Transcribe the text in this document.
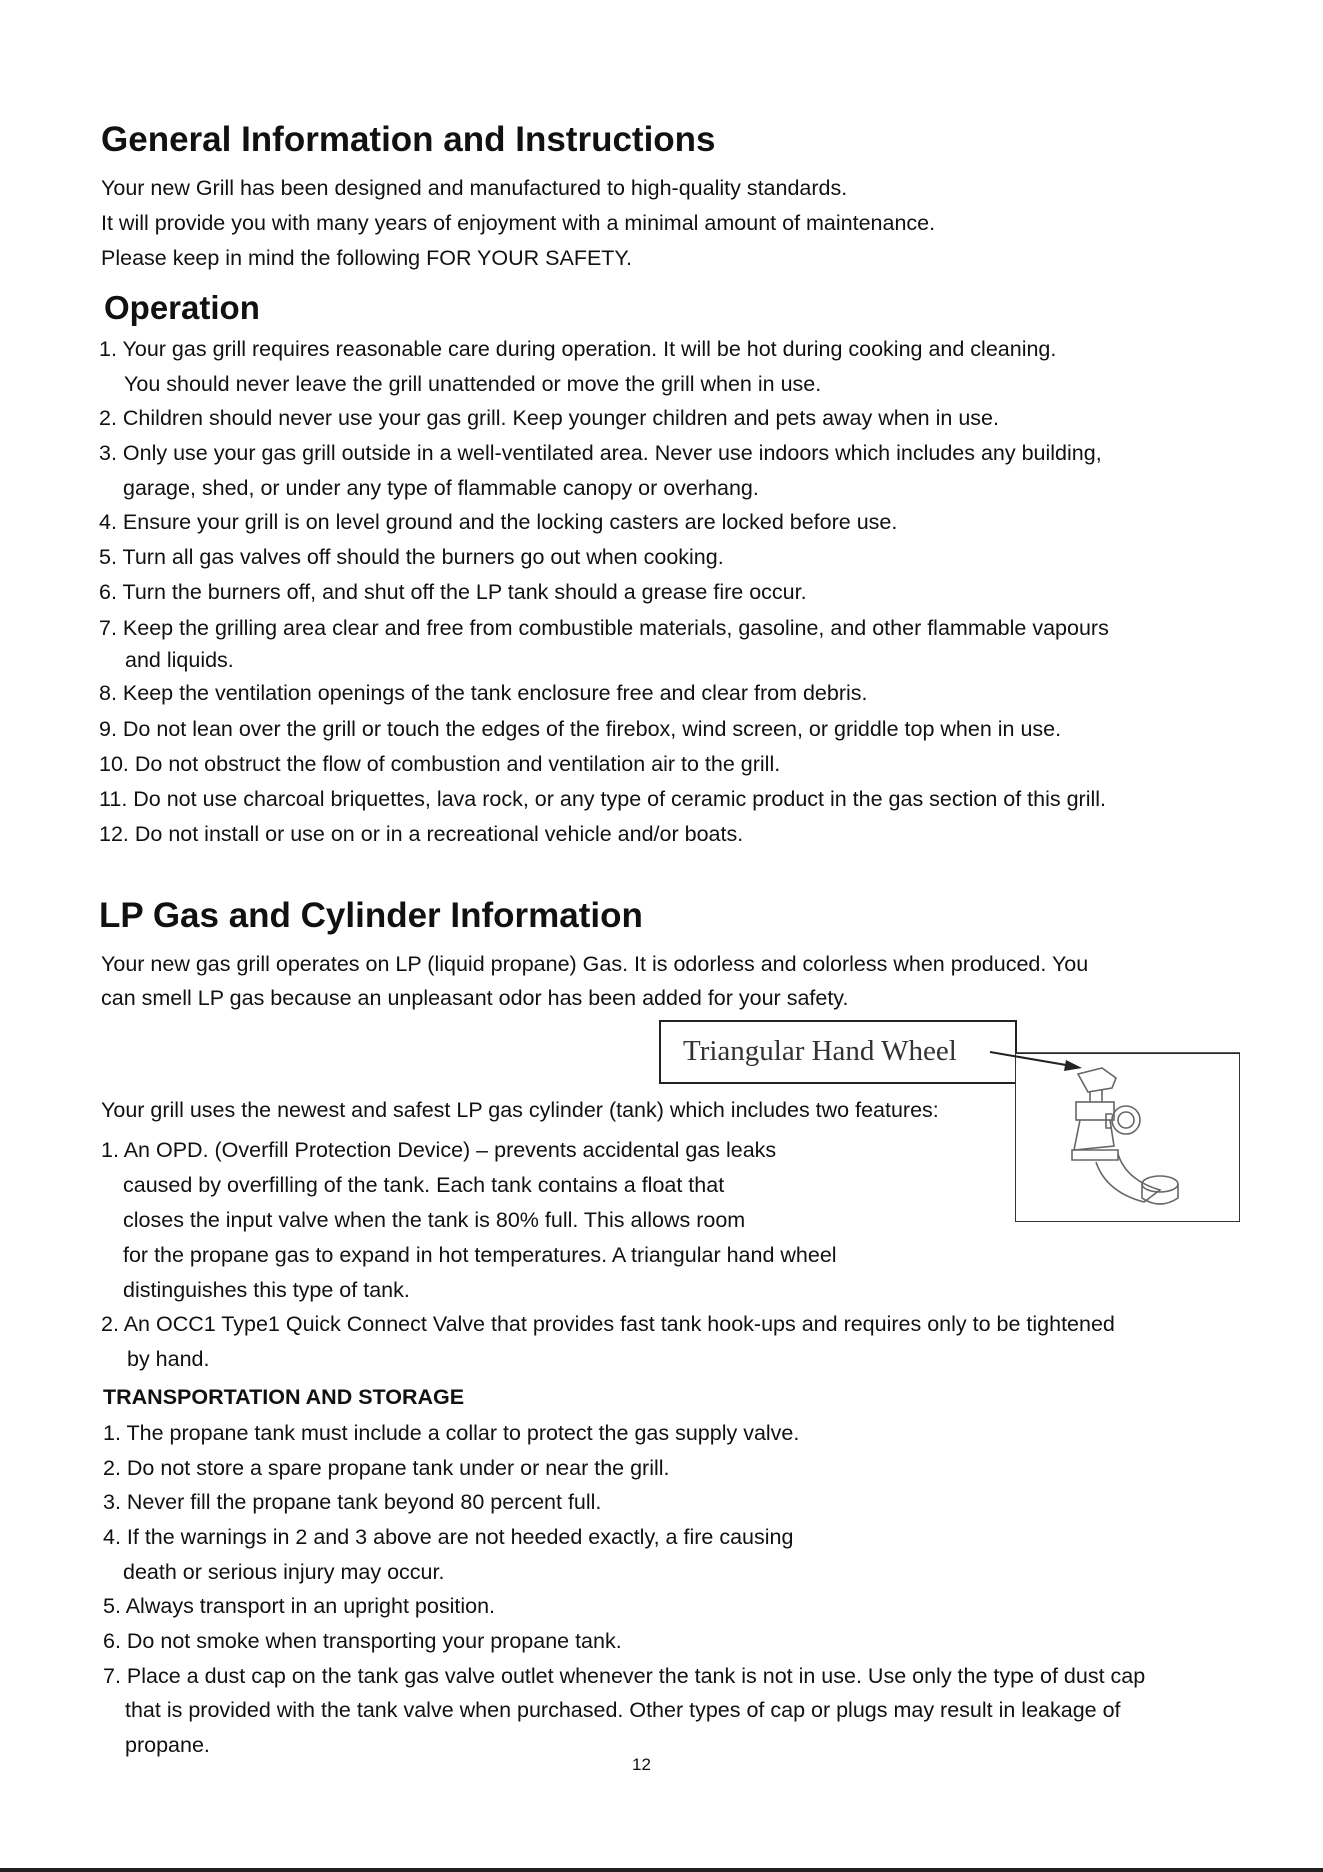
General Information and Instructions

Your new Grill has been designed and manufactured to high-quality standards.

It will provide you with many years of enjoyment with a minimal amount of maintenance.

Please keep in mind the following FOR YOUR SAFETY.

Operation

1. Your gas grill requires reasonable care during operation. It will be hot during cooking and cleaning.

You should never leave the grill unattended or move the grill when in use.

2. Children should never use your gas grill. Keep younger children and pets away when in use.

3. Only use your gas grill outside in a well-ventilated area. Never use indoors which includes any building,

garage, shed, or under any type of flammable canopy or overhang.

4. Ensure your grill is on level ground and the locking casters are locked before use.

5. Turn all gas valves off should the burners go out when cooking.

6. Turn the burners off, and shut off the LP tank should a grease fire occur.

7. Keep the grilling area clear and free from combustible materials, gasoline, and other flammable vapours

and liquids.

8. Keep the ventilation openings of the tank enclosure free and clear from debris.

9. Do not lean over the grill or touch the edges of the firebox, wind screen, or griddle top when in use.

10. Do not obstruct the flow of combustion and ventilation air to the grill.

11. Do not use charcoal briquettes, lava rock, or any type of ceramic product in the gas section of this grill.

12. Do not install or use on or in a recreational vehicle and/or boats.

LP Gas and Cylinder Information

Your new gas grill operates on LP (liquid propane) Gas. It is odorless and colorless when produced. You

can smell LP gas because an unpleasant odor has been added for your safety.

Triangular Hand Wheel

Your grill uses the newest and safest LP gas cylinder (tank) which includes two features:

1. An OPD. (Overfill Protection Device) – prevents accidental gas leaks

caused by overfilling of the tank. Each tank contains a float that

closes the input valve when the tank is 80% full. This allows room

for the propane gas to expand in hot temperatures. A triangular hand wheel

distinguishes this type of tank.

2. An OCC1 Type1 Quick Connect Valve that provides fast tank hook-ups and requires only to be tightened

by hand.

TRANSPORTATION AND STORAGE

1. The propane tank must include a collar to protect the gas supply valve.

2. Do not store a spare propane tank under or near the grill.

3. Never fill the propane tank beyond 80 percent full.

4. If the warnings in 2 and 3 above are not heeded exactly, a fire causing

death or serious injury may occur.

5. Always transport in an upright position.

6. Do not smoke when transporting your propane tank.

7. Place a dust cap on the tank gas valve outlet whenever the tank is not in use. Use only the type of dust cap

that is provided with the tank valve when purchased. Other types of cap or plugs may result in leakage of

propane.

12
